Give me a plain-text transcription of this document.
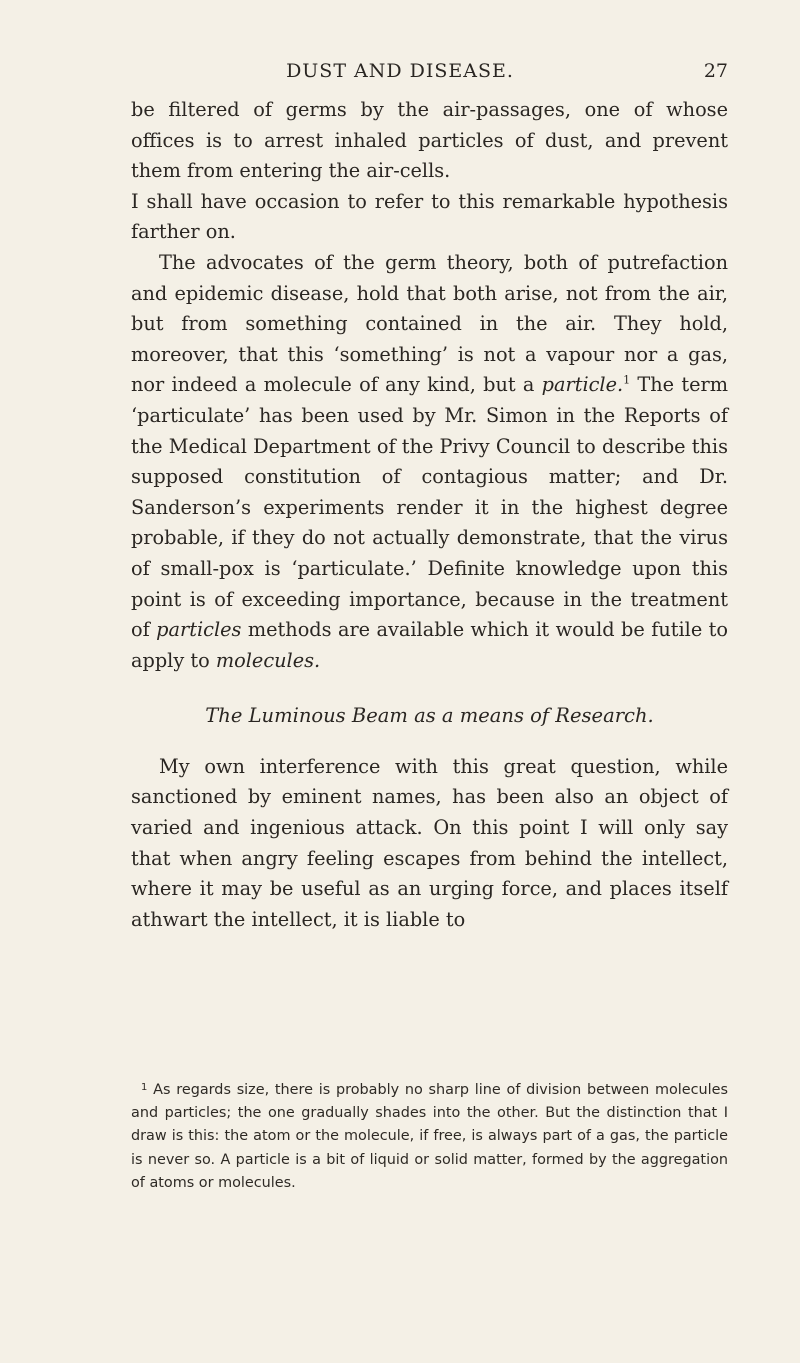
DUST AND DISEASE.	27

be filtered of germs by the air-passages, one of whose offices is to arrest inhaled particles of dust, and prevent them from entering the air-cells.

I shall have occasion to refer to this remarkable hypothesis farther on.

The advocates of the germ theory, both of putrefaction and epidemic disease, hold that both arise, not from the air, but from something contained in the air. They hold, moreover, that this ‘something’ is not a vapour nor a gas, nor indeed a molecule of any kind, but a particle.$^1$ The term ‘particulate’ has been used by Mr. Simon in the Reports of the Medical Department of the Privy Council to describe this supposed constitution of contagious matter; and Dr. Sanderson’s experiments render it in the highest degree probable, if they do not actually demonstrate, that the virus of small-pox is ‘particulate.’ Definite knowledge upon this point is of exceeding importance, because in the treatment of particles methods are available which it would be futile to apply to molecules.

The Luminous Beam as a means of Research.

My own interference with this great question, while sanctioned by eminent names, has been also an object of varied and ingenious attack. On this point I will only say that when angry feeling escapes from behind the intellect, where it may be useful as an urging force, and places itself athwart the intellect, it is liable to

$^1$ As regards size, there is probably no sharp line of division between molecules and particles; the one gradually shades into the other. But the distinction that I draw is this: the atom or the molecule, if free, is always part of a gas, the particle is never so. A particle is a bit of liquid or solid matter, formed by the aggregation of atoms or molecules.
